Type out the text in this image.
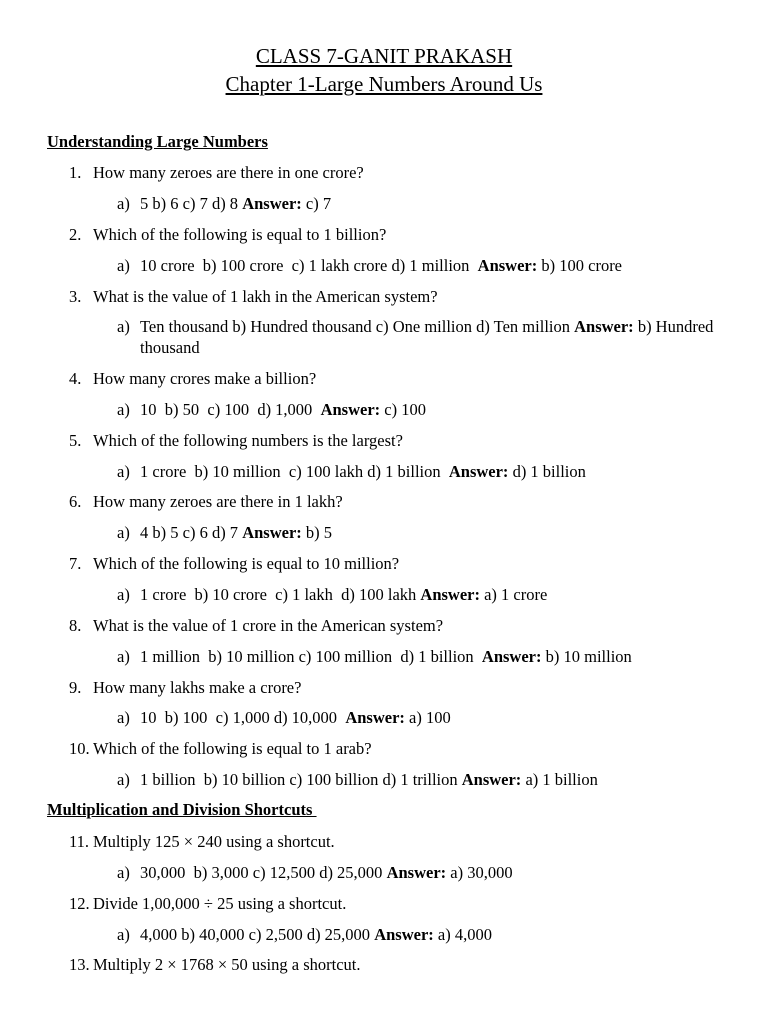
CLASS 7-GANIT PRAKASH
Chapter 1-Large Numbers Around Us
Understanding Large Numbers
1. How many zeroes are there in one crore?
a) 5 b) 6 c) 7 d) 8 Answer: c) 7
2. Which of the following is equal to 1 billion?
a) 10 crore  b) 100 crore  c) 1 lakh crore d) 1 million  Answer: b) 100 crore
3. What is the value of 1 lakh in the American system?
a) Ten thousand b) Hundred thousand c) One million d) Ten million Answer: b) Hundred thousand
4. How many crores make a billion?
a) 10  b) 50  c) 100  d) 1,000  Answer: c) 100
5. Which of the following numbers is the largest?
a) 1 crore  b) 10 million  c) 100 lakh d) 1 billion  Answer: d) 1 billion
6. How many zeroes are there in 1 lakh?
a) 4 b) 5 c) 6 d) 7 Answer: b) 5
7. Which of the following is equal to 10 million?
a) 1 crore  b) 10 crore  c) 1 lakh  d) 100 lakh Answer: a) 1 crore
8. What is the value of 1 crore in the American system?
a) 1 million  b) 10 million c) 100 million  d) 1 billion  Answer: b) 10 million
9. How many lakhs make a crore?
a) 10  b) 100  c) 1,000 d) 10,000  Answer: a) 100
10. Which of the following is equal to 1 arab?
a) 1 billion  b) 10 billion c) 100 billion d) 1 trillion Answer: a) 1 billion
Multiplication and Division Shortcuts
11. Multiply 125 × 240 using a shortcut.
a) 30,000  b) 3,000 c) 12,500 d) 25,000 Answer: a) 30,000
12. Divide 1,00,000 ÷ 25 using a shortcut.
a) 4,000 b) 40,000 c) 2,500 d) 25,000 Answer: a) 4,000
13. Multiply 2 × 1768 × 50 using a shortcut.
